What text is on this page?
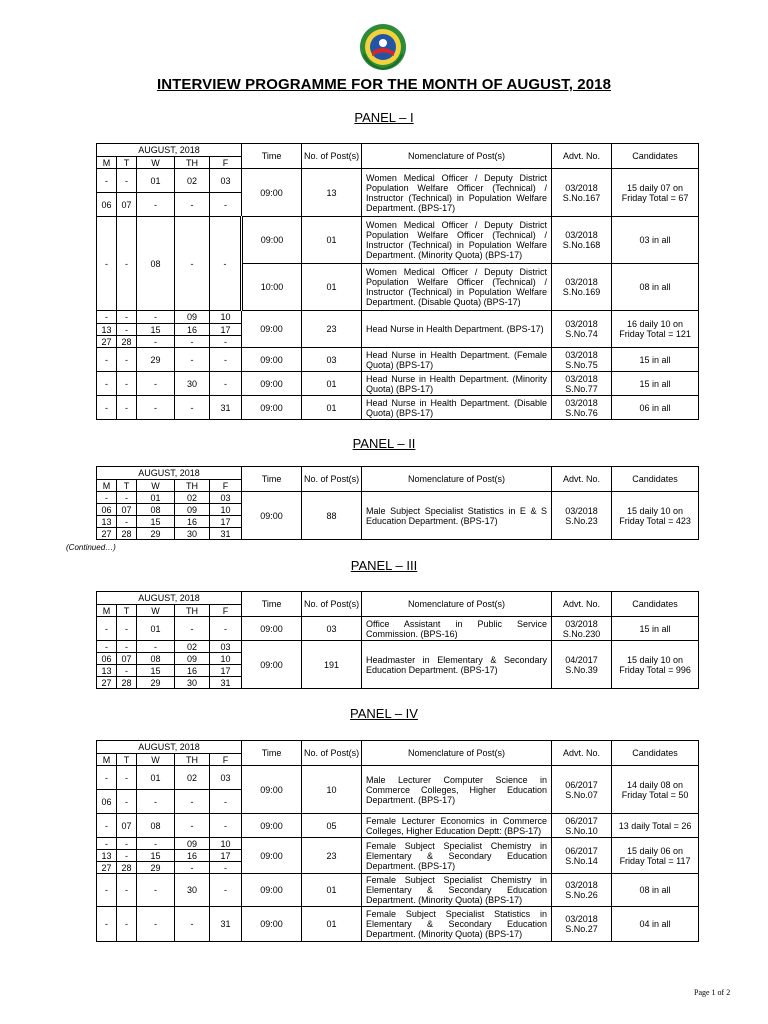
INTERVIEW PROGRAMME FOR THE MONTH OF AUGUST, 2018
PANEL – I
AUGUST, 2018					Time	No. of Post(s)	Nomenclature of Post(s)	Advt. No.	Candidates
M	T	W	TH	F					
-	-	01	02	03	09:00	13	Women Medical Officer / Deputy District Population Welfare Officer (Technical) / Instructor (Technical) in Population Welfare Department. (BPS-17)	03/2018 S.No.167	15 daily 07 on Friday Total = 67
06	07	-	-	-					
-	-	08	-	-	09:00	01	Women Medical Officer / Deputy District Population Welfare Officer (Technical) / Instructor (Technical) in Population Welfare Department. (Minority Quota) (BPS-17)	03/2018 S.No.168	03 in all
					10:00	01	Women Medical Officer / Deputy District Population Welfare Officer (Technical) / Instructor (Technical) in Population Welfare Department. (Disable Quota) (BPS-17)	03/2018 S.No.169	08 in all
-	-	-	09	10	09:00	23	Head Nurse in Health Department. (BPS-17)	03/2018 S.No.74	16 daily 10 on Friday Total = 121
13	-	15	16	17					
27	28	-	-	-					
-	-	29	-	-	09:00	03	Head Nurse in Health Department. (Female Quota) (BPS-17)	03/2018 S.No.75	15 in all
-	-	-	30	-	09:00	01	Head Nurse in Health Department. (Minority Quota) (BPS-17)	03/2018 S.No.77	15 in all
-	-	-	-	31	09:00	01	Head Nurse in Health Department. (Disable Quota) (BPS-17)	03/2018 S.No.76	06 in all
PANEL – II
AUGUST, 2018					Time	No. of Post(s)	Nomenclature of Post(s)	Advt. No.	Candidates
M	T	W	TH	F					
-	-	01	02	03	09:00	88	Male Subject Specialist Statistics in E & S Education Department. (BPS-17)	03/2018 S.No.23	15 daily 10 on Friday Total = 423
06	07	08	09	10					
13	-	15	16	17					
27	28	29	30	31					
PANEL – III
AUGUST, 2018					Time	No. of Post(s)	Nomenclature of Post(s)	Advt. No.	Candidates
M	T	W	TH	F					
-	-	01	-	-	09:00	03	Office Assistant in Public Service Commission. (BPS-16)	03/2018 S.No.230	15 in all
-	-	-	02	03	09:00	191	Headmaster in Elementary & Secondary Education Department. (BPS-17)	04/2017 S.No.39	15 daily 10 on Friday Total = 996
06	07	08	09	10					
13	-	15	16	17					
27	28	29	30	31					
PANEL – IV
AUGUST, 2018					Time	No. of Post(s)	Nomenclature of Post(s)	Advt. No.	Candidates
M	T	W	TH	F					
-	-	01	02	03	09:00	10	Male Lecturer Computer Science in Commerce Colleges, Higher Education Department. (BPS-17)	06/2017 S.No.07	14 daily 08 on Friday Total = 50
06	-	-	-	-					
-	07	08	-	-	09:00	05	Female Lecturer Economics in Commerce Colleges, Higher Education Deptt: (BPS-17)	06/2017 S.No.10	13 daily Total = 26
-	-	-	09	10	09:00	23	Female Subject Specialist Chemistry in Elementary & Secondary Education Department. (BPS-17)	06/2017 S.No.14	15 daily 06 on Friday Total = 117
13	-	15	16	17					
27	28	29	-	-					
-	-	-	30	-	09:00	01	Female Subject Specialist Chemistry in Elementary & Secondary Education Department. (Minority Quota) (BPS-17)	03/2018 S.No.26	08 in all
-	-	-	-	31	09:00	01	Female Subject Specialist Statistics in Elementary & Secondary Education Department. (Minority Quota) (BPS-17)	03/2018 S.No.27	04 in all
(Continued…)
Page 1 of 2
